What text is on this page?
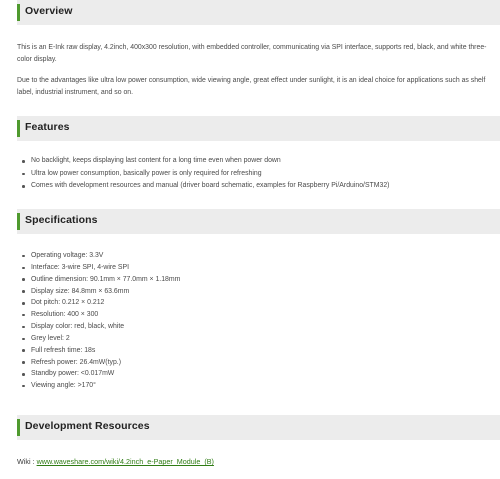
Overview
This is an E-Ink raw display, 4.2inch, 400x300 resolution, with embedded controller, communicating via SPI interface, supports red, black, and white three-color display.
Due to the advantages like ultra low power consumption, wide viewing angle, great effect under sunlight, it is an ideal choice for applications such as shelf label, industrial instrument, and so on.
Features
No backlight, keeps displaying last content for a long time even when power down
Ultra low power consumption, basically power is only required for refreshing
Comes with development resources and manual (driver board schematic, examples for Raspberry Pi/Arduino/STM32)
Specifications
Operating voltage: 3.3V
Interface: 3-wire SPI, 4-wire SPI
Outline dimension: 90.1mm × 77.0mm × 1.18mm
Display size: 84.8mm × 63.6mm
Dot pitch: 0.212 × 0.212
Resolution: 400 × 300
Display color: red, black, white
Grey level: 2
Full refresh time: 18s
Refresh power: 26.4mW(typ.)
Standby power: <0.017mW
Viewing angle: >170°
Development Resources
Wiki : www.waveshare.com/wiki/4.2inch_e-Paper_Module_(B)
